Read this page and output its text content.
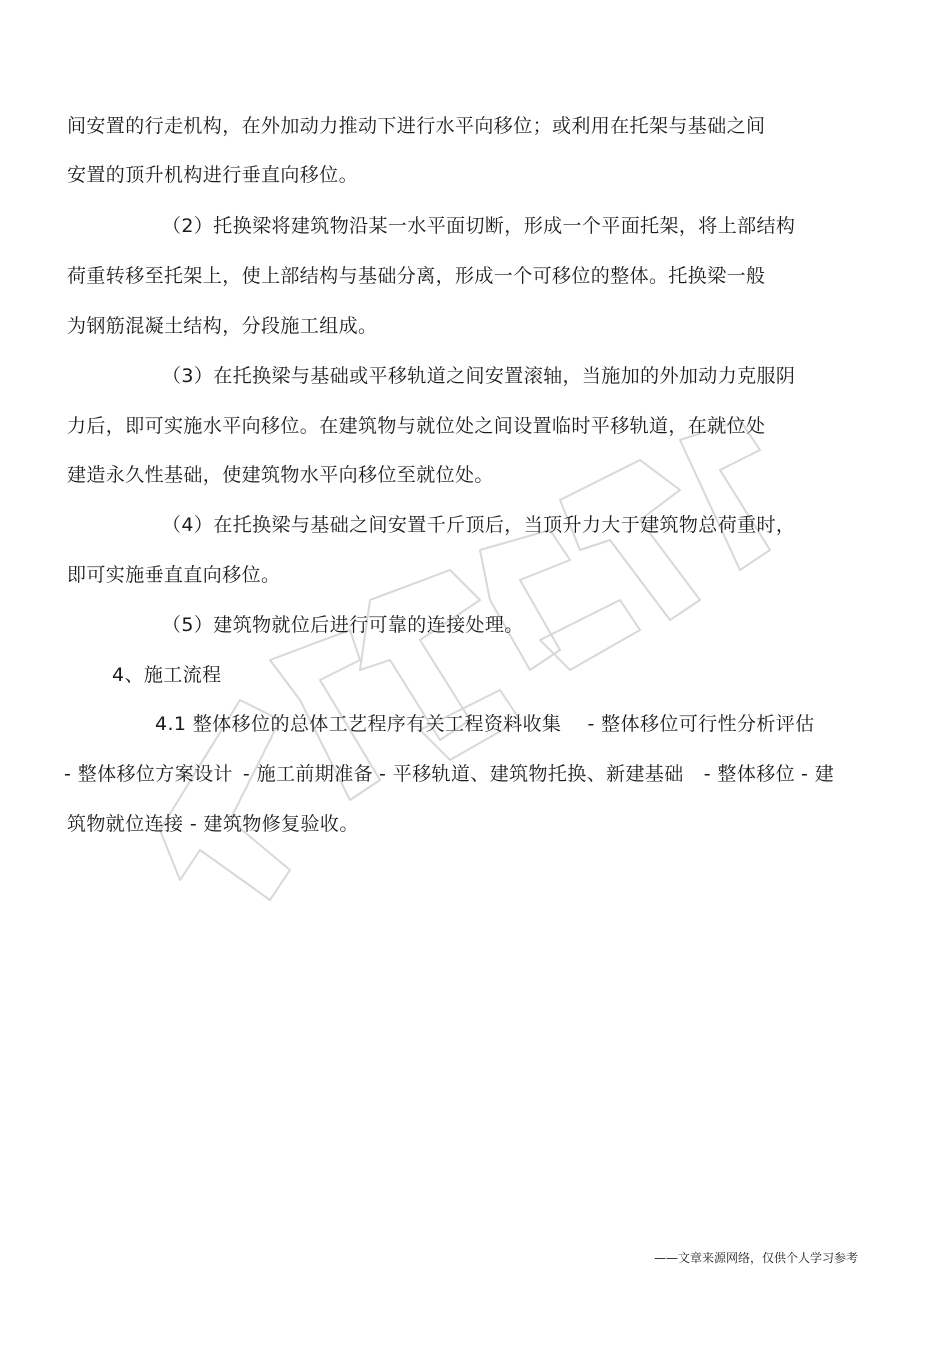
间安置的行走机构，在外加动力推动下进行水平向移位；或利用在托架与基础之间
安置的顶升机构进行垂直向移位。
（2）托换梁将建筑物沿某一水平面切断，形成一个平面托架，将上部结构
荷重转移至托架上，使上部结构与基础分离，形成一个可移位的整体。托换梁一般
为钢筋混凝土结构，分段施工组成。
（3）在托换梁与基础或平移轨道之间安置滚轴，当施加的外加动力克服阴
力后，即可实施水平向移位。在建筑物与就位处之间设置临时平移轨道，在就位处
建造永久性基础，使建筑物水平向移位至就位处。
（4）在托换梁与基础之间安置千斤顶后，当顶升力大于建筑物总荷重时，
即可实施垂直直向移位。
（5）建筑物就位后进行可靠的连接处理。
4、施工流程
4.1 整体移位的总体工艺程序有关工程资料收集 - 整体移位可行性分析评估
- 整体移位方案设计 - 施工前期准备 - 平移轨道、建筑物托换、新建基础 - 整体移位 - 建
筑物就位连接 - 建筑物修复验收。
——文章来源网络，仅供个人学习参考
